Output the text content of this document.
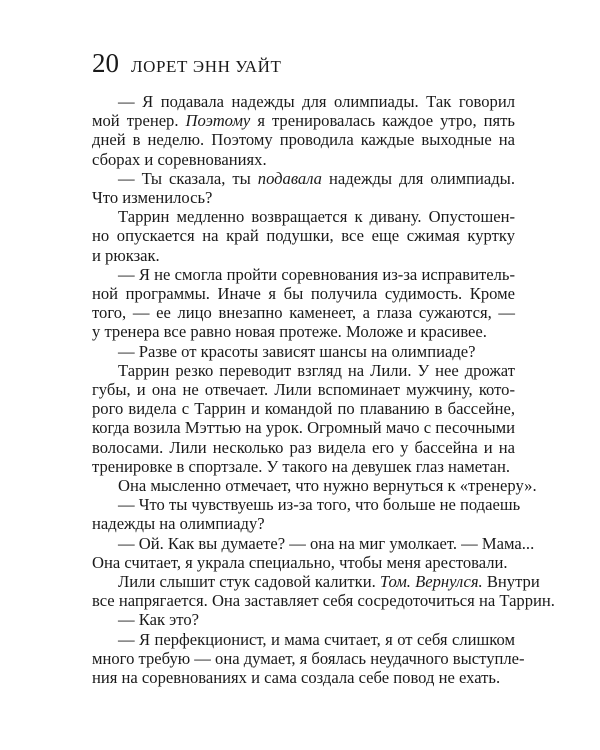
20 ЛОРЕТ ЭНН УАЙТ

— Я подавала надежды для олимпиады. Так говорил
мой тренер. Поэтому я тренировалась каждое утро, пять
дней в неделю. Поэтому проводила каждые выходные на
сборах и соревнованиях.

— Ты сказала, ты подавала надежды для олимпиады.
Что изменилось?

Таррин медленно возвращается к дивану. Опустошен-
но опускается на край подушки, все еще сжимая куртку
и рюкзак.

— Я не смогла пройти соревнования из-за исправитель-
ной программы. Иначе я бы получила судимость. Кроме
того, — ее лицо внезапно каменеет, а глаза сужаются, —
у тренера все равно новая протеже. Моложе и красивее.

— Разве от красоты зависят шансы на олимпиаде?

Таррин резко переводит взгляд на Лили. У нее дрожат
губы, и она не отвечает. Лили вспоминает мужчину, кото-
рого видела с Таррин и командой по плаванию в бассейне,
когда возила Мэттью на урок. Огромный мачо с песочными
волосами. Лили несколько раз видела его у бассейна и на
тренировке в спортзале. У такого на девушек глаз наметан.

Она мысленно отмечает, что нужно вернуться к «тренеру».

— Что ты чувствуешь из-за того, что больше не подаешь
надежды на олимпиаду?

— Ой. Как вы думаете? — она на миг умолкает. — Мама...
Она считает, я украла специально, чтобы меня арестовали.

Лили слышит стук садовой калитки. Том. Вернулся. Внутри
все напрягается. Она заставляет себя сосредоточиться на Таррин.

— Как это?

— Я перфекционист, и мама считает, я от себя слишком
много требую — она думает, я боялась неудачного выступле-
ния на соревнованиях и сама создала себе повод не ехать.
